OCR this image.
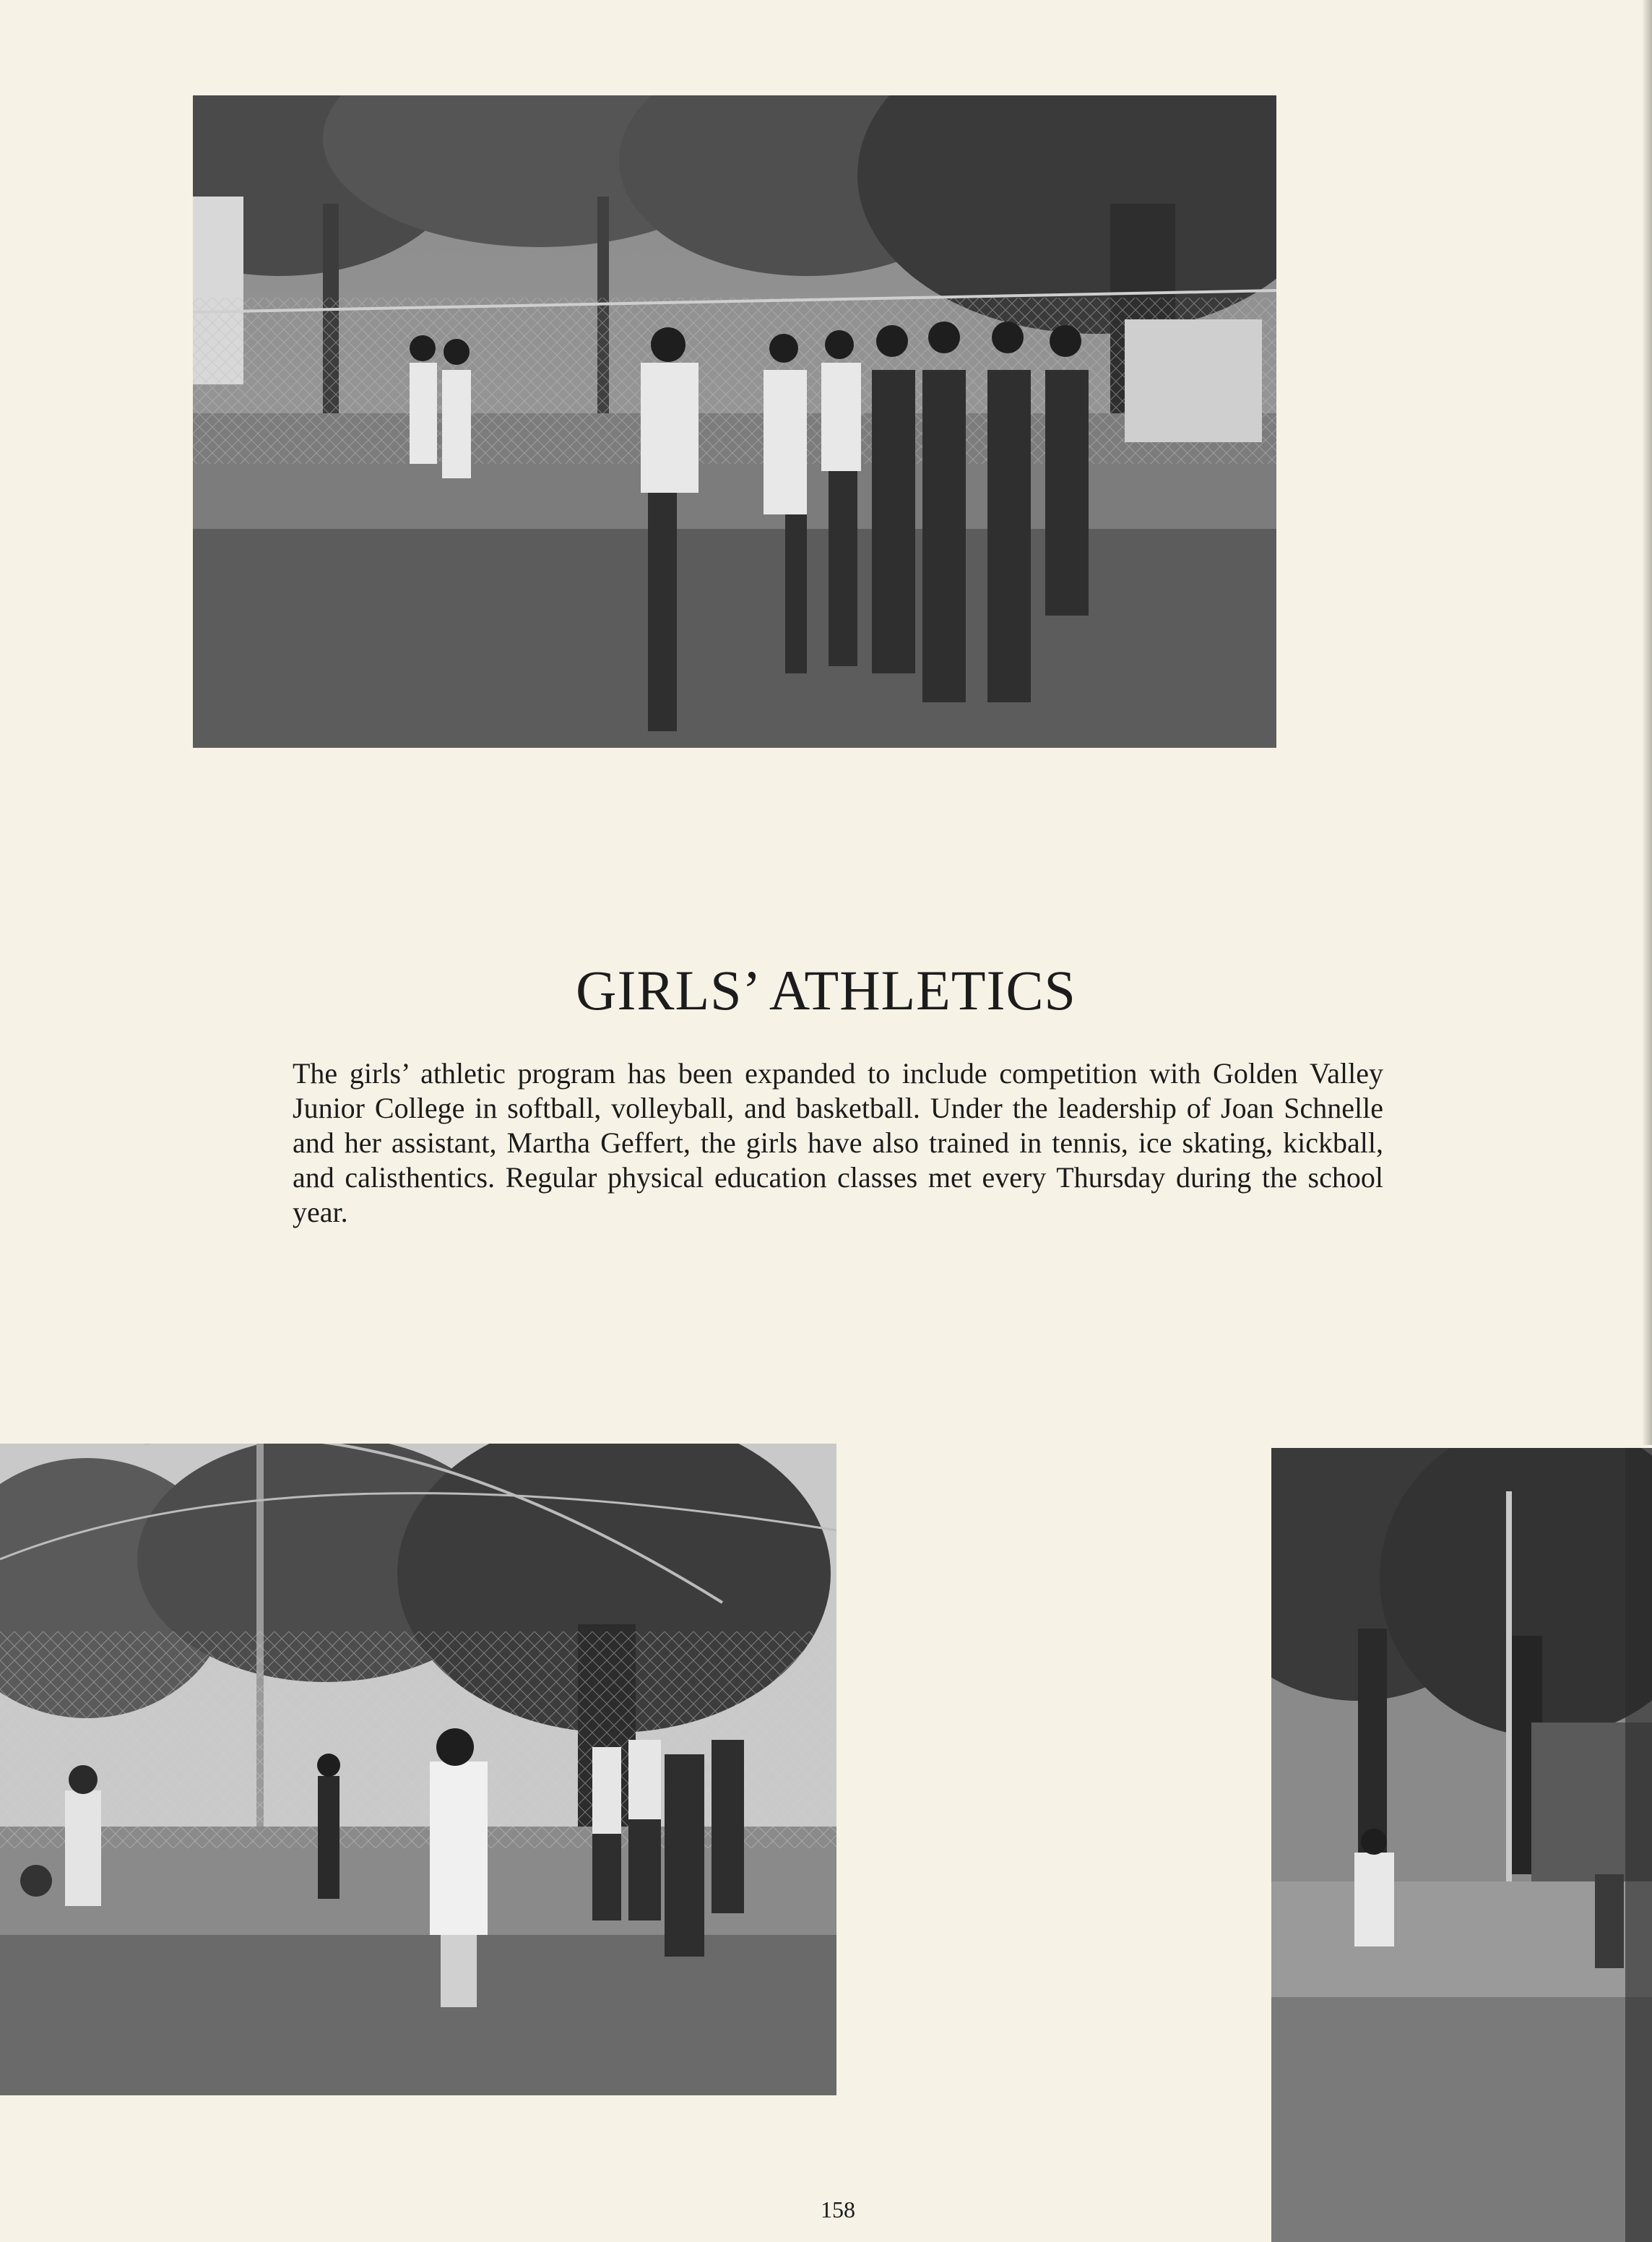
GIRLS’ ATHLETICS

The girls’ athletic program has been expanded to include competition with Golden Valley Junior College in softball, volleyball, and basketball. Under the leadership of Joan Schnelle and her assistant, Martha Geffert, the girls have also trained in tennis, ice skating, kickball, and calisthentics. Regular physical education classes met every Thursday during the school year.

158
